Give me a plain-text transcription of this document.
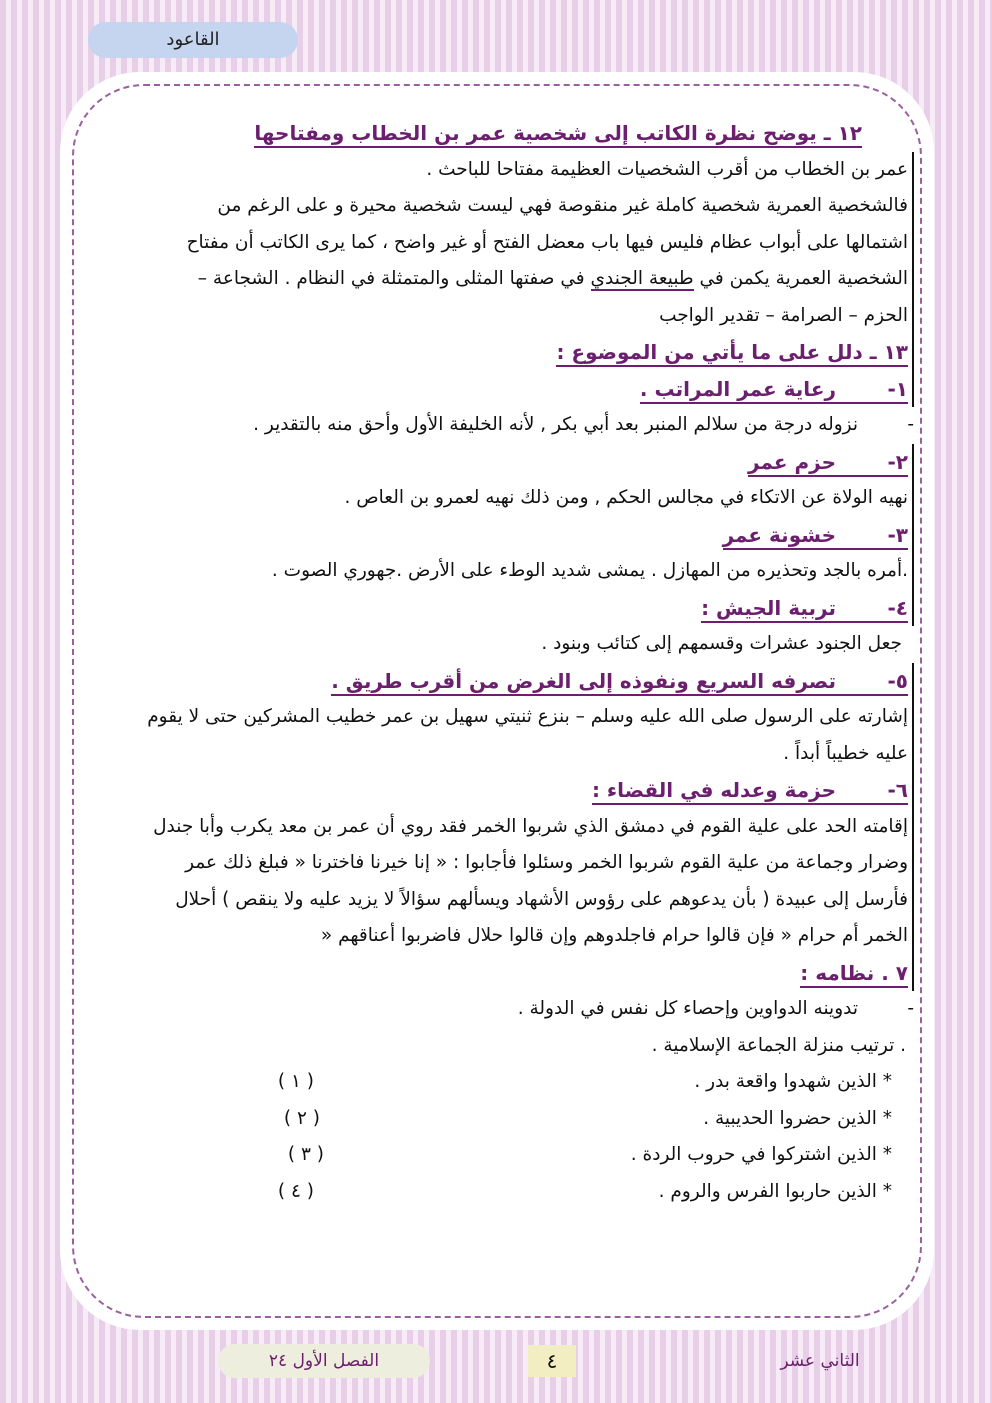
القاعود

١٢ ـ يوضح نظرة الكاتب إلى شخصية عمر بن الخطاب ومفتاحها

عمر بن الخطاب من أقرب الشخصيات العظيمة مفتاحا للباحث .

فالشخصية العمرية شخصية كاملة غير منقوصة فهي ليست شخصية محيرة و على الرغم من

اشتمالها على أبواب عظام فليس فيها باب معضل الفتح أو غير واضح ، كما يرى الكاتب أن مفتاح

الشخصية العمرية يكمن في طبيعة الجندي في صفتها المثلى والمتمثلة في النظام . الشجاعة –

الحزم – الصرامة – تقدير الواجب

١٣ ـ دلل على ما يأتي من الموضوع :

١-رعاية عمر المراتب .

-نزوله درجة من سلالم المنبر بعد أبي بكر , لأنه الخليفة الأول وأحق منه بالتقدير .

٢-حزم عمر

نهيه الولاة عن الاتكاء في مجالس الحكم , ومن ذلك نهيه لعمرو بن العاص .

٣-خشونة عمر

.أمره بالجد وتحذيره من المهازل . يمشى شديد الوطء على الأرض .جهوري الصوت .

٤-تربية الجيش :

جعل الجنود عشرات وقسمهم إلى كتائب وبنود .

٥-تصرفه السريع ونفوذه إلى الغرض من أقرب طريق .

إشارته على الرسول صلى الله عليه وسلم – بنزع ثنيتي سهيل بن عمر خطيب المشركين حتى لا يقوم

عليه خطيباً أبداً .

٦-حزمة وعدله في القضاء :

إقامته الحد على علية القوم في دمشق الذي شربوا الخمر فقد روي أن عمر بن معد يكرب وأبا جندل

وضرار وجماعة من علية القوم شربوا الخمر وسئلوا فأجابوا : « إنا خيرنا فاخترنا « فبلغ ذلك عمر

فأرسل إلى عبيدة ( بأن يدعوهم على رؤوس الأشهاد ويسألهم سؤالاً لا يزيد عليه ولا ينقص ) أحلال

الخمر أم حرام « فإن قالوا حرام فاجلدوهم وإن قالوا حلال فاضربوا أعناقهم «

٧ . نظامه :

-تدوينه الدواوين وإحصاء كل نفس في الدولة .

. ترتيب منزلة الجماعة الإسلامية .

* الذين شهدوا واقعة بدر .
( ١ )
* الذين حضروا الحديبية .
( ٢ )
* الذين اشتركوا في حروب الردة .
( ٣ )
* الذين حاربوا الفرس والروم .
( ٤ )
الفصل الأول ٢٤	٤	الثاني عشر
